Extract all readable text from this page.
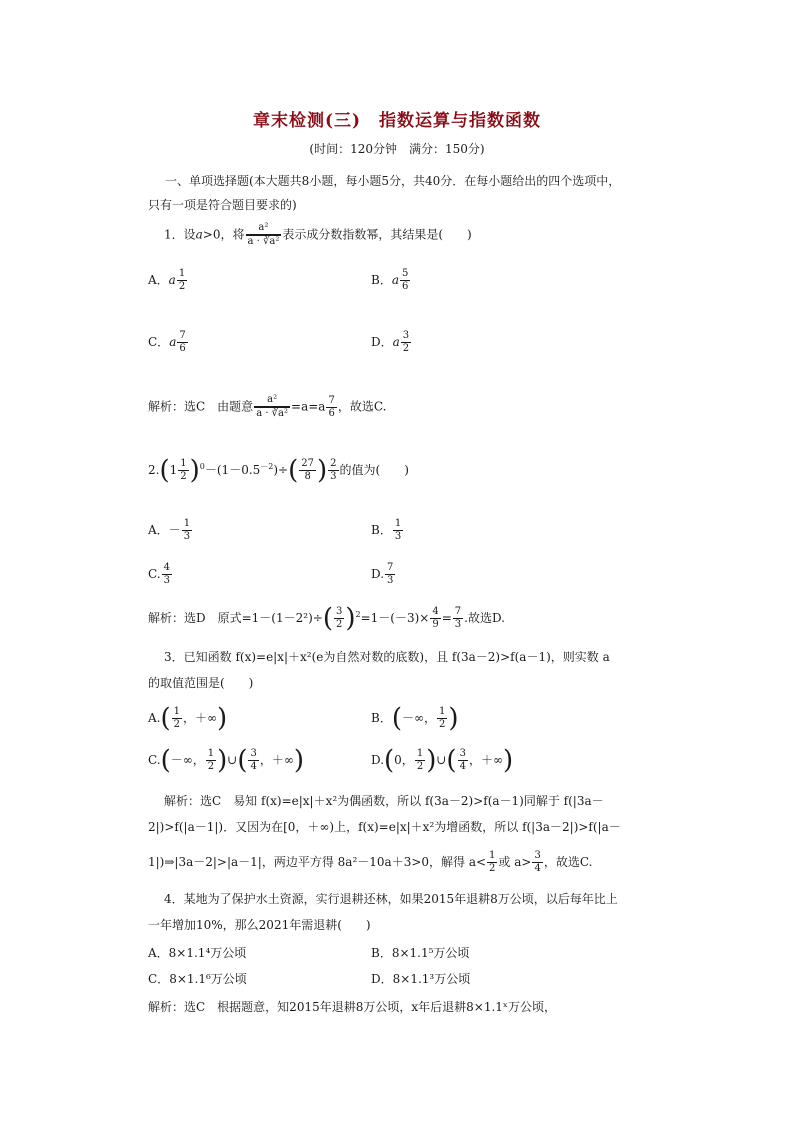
章末检测(三)　指数运算与指数函数
(时间：120分钟　满分：150分)
一、单项选择题(本大题共8小题，每小题5分，共40分．在每小题给出的四个选项中，
只有一项是符合题目要求的)
1．设a>0，将 $\frac{\text{a²}}{\text{a · ∛a²}}$ 表示成分数指数幂，其结果是(　　)
A．a $\frac{1}{2}$	B．a $\frac{5}{6}$
C．a $\frac{7}{6}$	D．a $\frac{3}{2}$
解析：选C　由题意 $\frac{\text{a²}}{\text{a · ∛a²}} =a=a \frac{7}{6}$ ，故选C.
$2.(1 \frac{1}{2} )^0-(1-0.5^{-2})\div( \frac{27}{8}$ ) $\frac{2}{3}$ 的值为(　　)
A．－ $\frac{1}{3}$	B． $\frac{1}{3}$
C. $\frac{4}{3}$	D. $\frac{7}{3}$
解析：选D　原式$=1-(1-2^2)\div( \frac{3}{2} )^2=1-(-3)\times \frac{4}{9} = \frac{7}{3}$ .故选D.
3．已知函数 f(x)=e|x|＋x²(e为自然对数的底数)，且 f(3a－2)>f(a－1)，则实数 a
的取值范围是(　　)
$A.( \frac{1}{2}$ ，＋∞)	B．(－∞， $\frac{1}{2}$ )
C.(－∞， $\frac{1}{2}$ )∪( $\frac{3}{4}$ ，＋∞)	D.(0， $\frac{1}{2}$ )∪( $\frac{3}{4}$ ，＋∞)
解析：选C　易知 f(x)=e|x|＋x²为偶函数，所以 f(3a－2)>f(a－1)同解于 f(|3a－
2|)>f(|a－1|)．又因为在[0，＋∞)上，f(x)=e|x|＋x²为增函数，所以 f(|3a－2|)>f(|a－
1|)⇒|3a－2|>|a－1|，两边平方得 8a²－10a＋3>0，解得 $a< \frac{1}{2}$ 或 $a> \frac{3}{4}$ ，故选C.
4．某地为了保护水土资源，实行退耕还林，如果2015年退耕8万公顷，以后每年比上
一年增加10%，那么2021年需退耕(　　)
A．8×1.1⁴万公顷	B．8×1.1⁵万公顷
C．8×1.1⁶万公顷	D．8×1.1³万公顷
解析：选C　根据题意，知2015年退耕8万公顷，x年后退耕8×1.1ˣ万公顷，
